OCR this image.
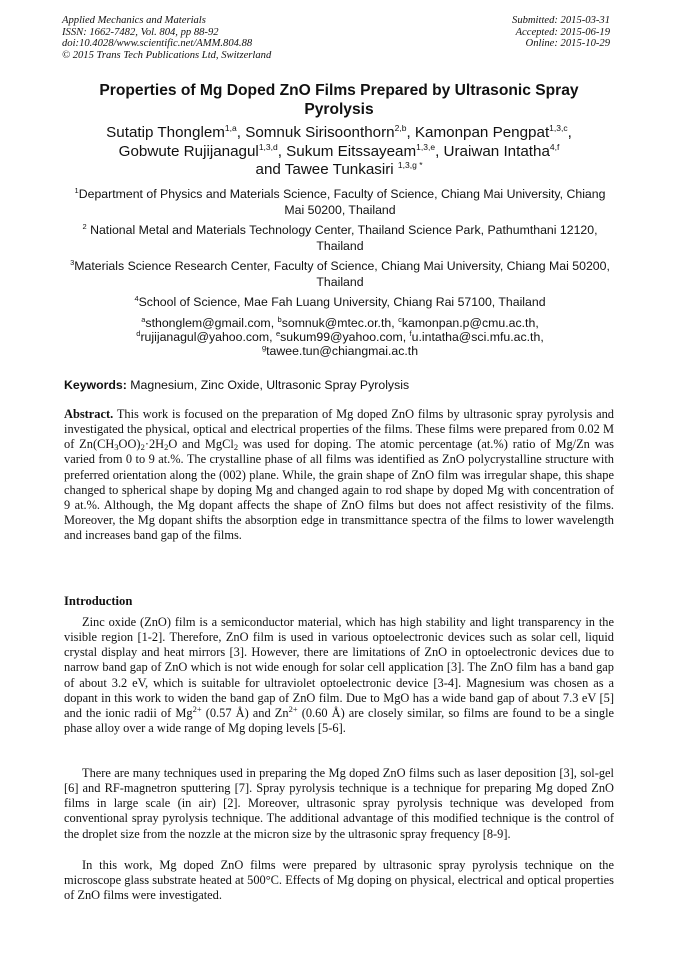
Applied Mechanics and Materials
ISSN: 1662-7482, Vol. 804, pp 88-92
doi:10.4028/www.scientific.net/AMM.804.88
© 2015 Trans Tech Publications Ltd, Switzerland
Submitted: 2015-03-31
Accepted: 2015-06-19
Online: 2015-10-29
Properties of Mg Doped ZnO Films Prepared by Ultrasonic Spray Pyrolysis
Sutatip Thonglem$^{1,a}$, Somnuk Sirisoonthorn$^{2,b}$, Kamonpan Pengpat$^{1,3,c}$,
Gobwute Rujijanagul$^{1,3,d}$, Sukum Eitssayeam$^{1,3,e}$, Uraiwan Intatha$^{4,f}$
and Tawee Tunkasiri $^{1,3,g *}$
$^1$Department of Physics and Materials Science, Faculty of Science, Chiang Mai University, Chiang Mai 50200, Thailand
$^2$ National Metal and Materials Technology Center, Thailand Science Park, Pathumthani 12120, Thailand
$^3$Materials Science Research Center, Faculty of Science, Chiang Mai University, Chiang Mai 50200, Thailand
$^4$School of Science, Mae Fah Luang University, Chiang Rai 57100, Thailand
$^a$sthonglem@gmail.com, $^b$somnuk@mtec.or.th, $^c$kamonpan.p@cmu.ac.th,
$^d$rujijanagul@yahoo.com, $^e$sukum99@yahoo.com, $^f$u.intatha@sci.mfu.ac.th,
$^g$tawee.tun@chiangmai.ac.th
Keywords: Magnesium, Zinc Oxide, Ultrasonic Spray Pyrolysis
Abstract. This work is focused on the preparation of Mg doped ZnO films by ultrasonic spray pyrolysis and investigated the physical, optical and electrical properties of the films. These films were prepared from 0.02 M of $Zn(CH_3OO)_2\cdot 2H_2O$ and MgCl$_2$ was used for doping. The atomic percentage (at.%) ratio of Mg/Zn was varied from 0 to 9 at.%. The crystalline phase of all films was identified as ZnO polycrystalline structure with preferred orientation along the (002) plane. While, the grain shape of ZnO film was irregular shape, this shape changed to spherical shape by doping Mg and changed again to rod shape by doped Mg with concentration of 9 at.%. Although, the Mg dopant affects the shape of ZnO films but does not affect resistivity of the films. Moreover, the Mg dopant shifts the absorption edge in transmittance spectra of the films to lower wavelength and increases band gap of the films.
Introduction
Zinc oxide (ZnO) film is a semiconductor material, which has high stability and light transparency in the visible region [1-2]. Therefore, ZnO film is used in various optoelectronic devices such as solar cell, liquid crystal display and heat mirrors [3]. However, there are limitations of ZnO in optoelectronic devices due to narrow band gap of ZnO which is not wide enough for solar cell application [3]. The ZnO film has a band gap of about 3.2 eV, which is suitable for ultraviolet optoelectronic device [3-4]. Magnesium was chosen as a dopant in this work to widen the band gap of ZnO film. Due to MgO has a wide band gap of about 7.3 eV [5] and the ionic radii of $Mg^{2+}$ (0.57 Å) and $Zn^{2+}$ (0.60 Å) are closely similar, so films are found to be a single phase alloy over a wide range of Mg doping levels [5-6].
There are many techniques used in preparing the Mg doped ZnO films such as laser deposition [3], sol-gel [6] and RF-magnetron sputtering [7]. Spray pyrolysis technique is a technique for preparing Mg doped ZnO films in large scale (in air) [2]. Moreover, ultrasonic spray pyrolysis technique was developed from conventional spray pyrolysis technique. The additional advantage of this modified technique is the control of the droplet size from the nozzle at the micron size by the ultrasonic spray frequency [8-9].
In this work, Mg doped ZnO films were prepared by ultrasonic spray pyrolysis technique on the microscope glass substrate heated at 500°C. Effects of Mg doping on physical, electrical and optical properties of ZnO films were investigated.
